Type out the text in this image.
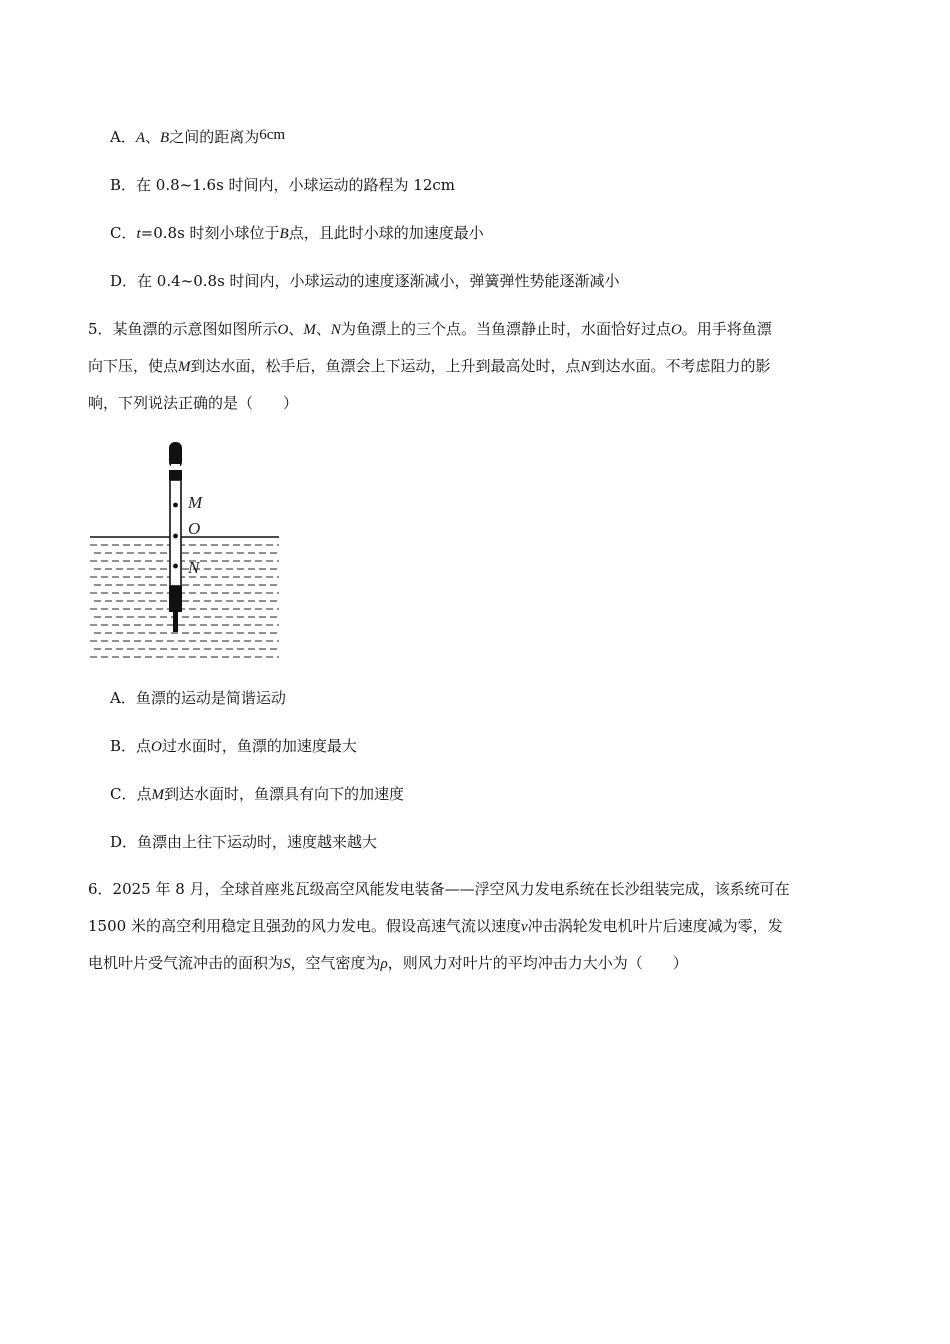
A．A、B之间的距离为6cm
B．在 0.8~1.6s 时间内，小球运动的路程为 12cm
C．t=0.8s 时刻小球位于B点，且此时小球的加速度最小
D．在 0.4~0.8s 时间内，小球运动的速度逐渐减小，弹簧弹性势能逐渐减小
5．某鱼漂的示意图如图所示O、M、N为鱼漂上的三个点。当鱼漂静止时，水面恰好过点O。用手将鱼漂
向下压，使点M到达水面，松手后，鱼漂会上下运动，上升到最高处时，点N到达水面。不考虑阻力的影
响，下列说法正确的是（　　）
M
O
N
A．鱼漂的运动是简谐运动
B．点O过水面时，鱼漂的加速度最大
C．点M到达水面时，鱼漂具有向下的加速度
D．鱼漂由上往下运动时，速度越来越大
6．2025 年 8 月，全球首座兆瓦级高空风能发电装备——浮空风力发电系统在长沙组装完成，该系统可在
1500 米的高空利用稳定且强劲的风力发电。假设高速气流以速度v冲击涡轮发电机叶片后速度减为零，发
电机叶片受气流冲击的面积为S，空气密度为ρ，则风力对叶片的平均冲击力大小为（　　）
